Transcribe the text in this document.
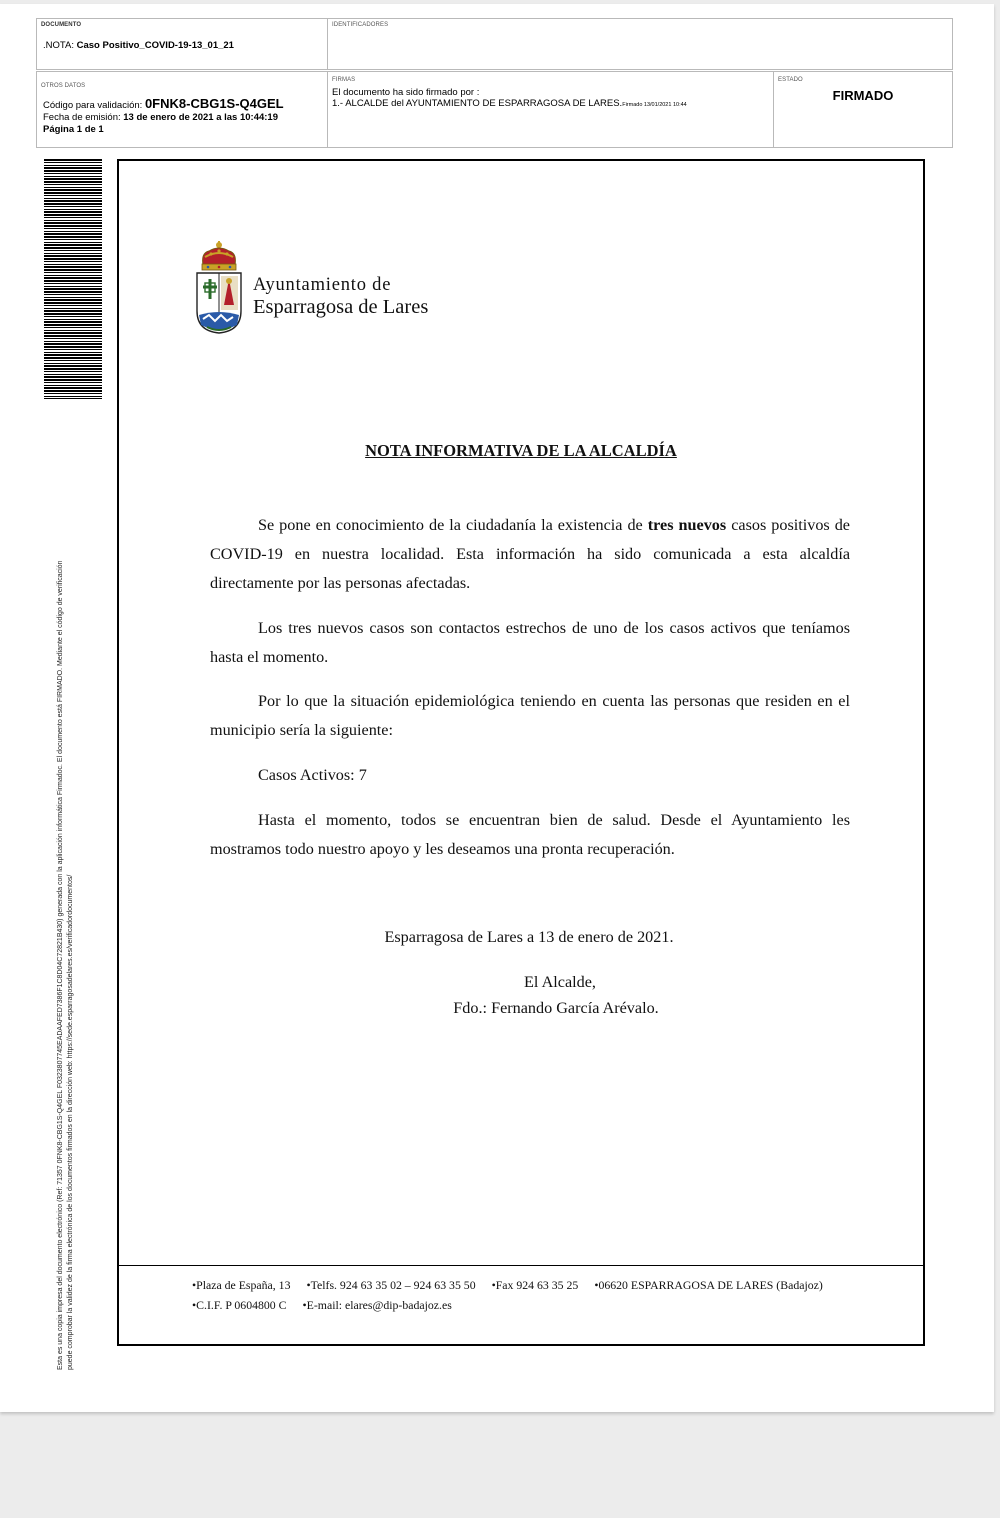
DOCUMENTO
.NOTA: Caso Positivo_COVID-19-13_01_21
IDENTIFICADORES
OTROS DATOS
Código para validación: 0FNK8-CBG1S-Q4GEL
Fecha de emisión: 13 de enero de 2021 a las 10:44:19
Página 1 de 1
FIRMAS
El documento ha sido firmado por :
1.- ALCALDE del AYUNTAMIENTO DE ESPARRAGOSA DE LARES.Firmado 13/01/2021 10:44
ESTADO
FIRMADO
Esta es una copia impresa del documento electrónico (Ref: 71357 0FNK8-CBG1S-Q4GEL F0323807745EADAAFED7386F1C8D04C72821B430) generada con la aplicación informática Firmadoc. El documento está FIRMADO. Mediante el código de verificación puede comprobar la validez de la firma electrónica de los documentos firmados en la dirección web: https://sede.esparragosadelares.es/verificadordocumentos/
Ayuntamiento de
Esparragosa de Lares
NOTA INFORMATIVA DE LA ALCALDÍA
Se pone en conocimiento de la ciudadanía la existencia de tres nuevos casos positivos de COVID-19 en nuestra localidad. Esta información ha sido comunicada a esta alcaldía directamente por las personas afectadas.
Los tres nuevos casos son contactos estrechos de uno de los casos activos que teníamos hasta el momento.
Por lo que la situación epidemiológica teniendo en cuenta las personas que residen en el municipio sería la siguiente:
Casos Activos: 7
Hasta el momento, todos se encuentran bien de salud. Desde el Ayuntamiento les mostramos todo nuestro apoyo y les deseamos una pronta recuperación.
Esparragosa de Lares a 13 de enero de 2021.
El Alcalde,
Fdo.: Fernando García Arévalo.
•Plaza de España, 13 •Telfs. 924 63 35 02 – 924 63 35 50 •Fax 924 63 35 25 •06620 ESPARRAGOSA DE LARES (Badajoz)
•C.I.F. P 0604800 C •E-mail: elares@dip-badajoz.es
